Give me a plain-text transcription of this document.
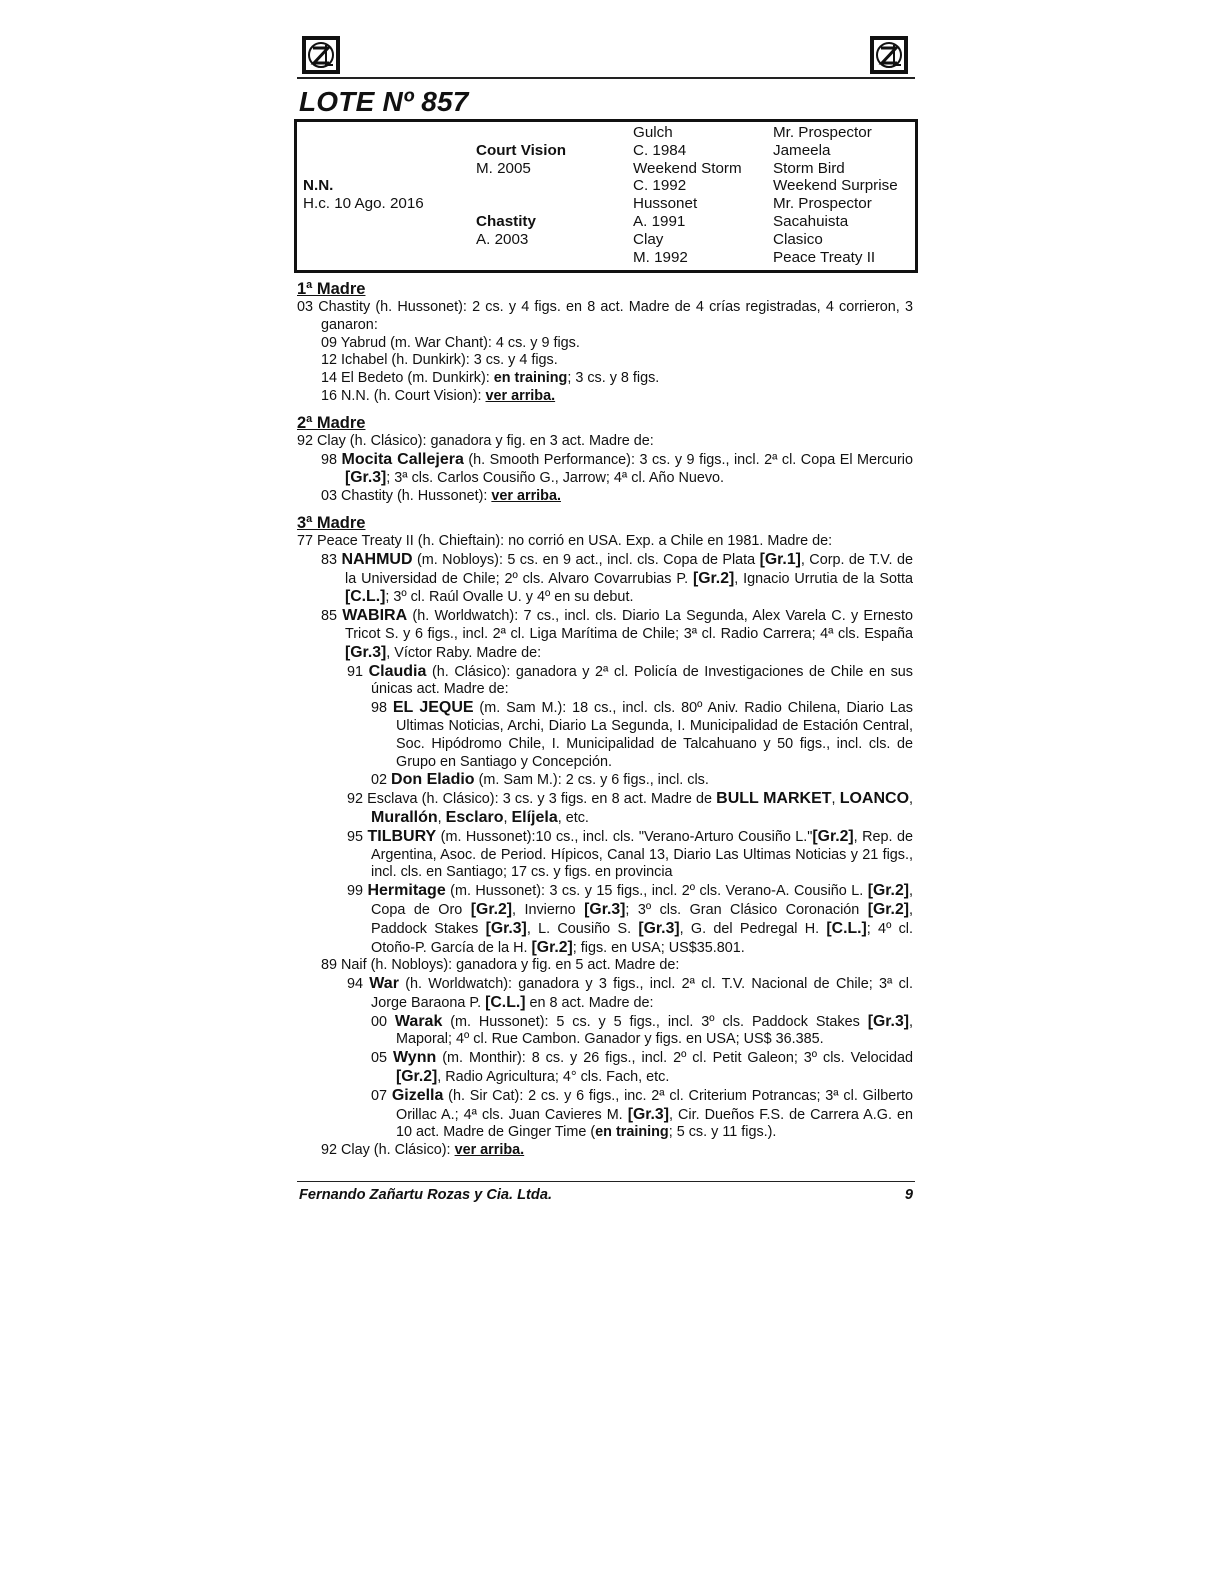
LOTE Nº 857
N.N.
H.c. 10 Ago. 2016
Court Vision
M. 2005
Chastity
A. 2003
Gulch
C. 1984
Weekend Storm
C. 1992
Hussonet
A. 1991
Clay
M. 1992
Mr. Prospector
Jameela
Storm Bird
Weekend Surprise
Mr. Prospector
Sacahuista
Clasico
Peace Treaty II
1ª Madre
03 Chastity (h. Hussonet): 2 cs. y 4 figs. en 8 act. Madre de 4 crías registradas, 4 corrieron, 3 ganaron:
09 Yabrud (m. War Chant): 4 cs. y 9 figs.
12 Ichabel (h. Dunkirk): 3 cs. y 4 figs.
14 El Bedeto (m. Dunkirk): en training; 3 cs. y 8 figs.
16 N.N. (h. Court Vision): ver arriba.
2ª Madre
92 Clay (h. Clásico): ganadora y fig. en 3 act. Madre de:
98 Mocita Callejera (h. Smooth Performance): 3 cs. y 9 figs., incl. 2ª cl. Copa El Mercurio [Gr.3]; 3ª cls. Carlos Cousiño G., Jarrow; 4ª cl. Año Nuevo.
03 Chastity (h. Hussonet): ver arriba.
3ª Madre
77 Peace Treaty II (h. Chieftain): no corrió en USA. Exp. a Chile en 1981. Madre de:
83 NAHMUD (m. Nobloys): 5 cs. en 9 act., incl. cls. Copa de Plata [Gr.1], Corp. de T.V. de la Universidad de Chile; 2º cls. Alvaro Covarrubias P. [Gr.2], Ignacio Urrutia de la Sotta [C.L.]; 3º cl. Raúl Ovalle U. y 4º en su debut.
85 WABIRA (h. Worldwatch): 7 cs., incl. cls. Diario La Segunda, Alex Varela C. y Ernesto Tricot S. y 6 figs., incl. 2ª cl. Liga Marítima de Chile; 3ª cl. Radio Carrera; 4ª cls. España [Gr.3], Víctor Raby. Madre de:
91 Claudia (h. Clásico): ganadora y 2ª cl. Policía de Investigaciones de Chile en sus únicas act. Madre de:
98 EL JEQUE (m. Sam M.): 18 cs., incl. cls. 80º Aniv. Radio Chilena, Diario Las Ultimas Noticias, Archi, Diario La Segunda, I. Municipalidad de Estación Central, Soc. Hipódromo Chile, I. Municipalidad de Talcahuano y 50 figs., incl. cls. de Grupo en Santiago y Concepción.
02 Don Eladio (m. Sam M.): 2 cs. y 6 figs., incl. cls.
92 Esclava (h. Clásico): 3 cs. y 3 figs. en 8 act. Madre de BULL MARKET, LOANCO, Murallón, Esclaro, Elíjela, etc.
95 TILBURY (m. Hussonet):10 cs., incl. cls. "Verano-Arturo Cousiño L."[Gr.2], Rep. de Argentina, Asoc. de Period. Hípicos, Canal 13, Diario Las Ultimas Noticias y 21 figs., incl. cls. en Santiago; 17 cs. y figs. en provincia
99 Hermitage (m. Hussonet): 3 cs. y 15 figs., incl. 2º cls. Verano-A. Cousiño L. [Gr.2], Copa de Oro [Gr.2], Invierno [Gr.3]; 3º cls. Gran Clásico Coronación [Gr.2], Paddock Stakes [Gr.3], L. Cousiño S. [Gr.3], G. del Pedregal H. [C.L.]; 4º cl. Otoño-P. García de la H. [Gr.2]; figs. en USA; US$35.801.
89 Naif (h. Nobloys): ganadora y fig. en 5 act. Madre de:
94 War (h. Worldwatch): ganadora y 3 figs., incl. 2ª cl. T.V. Nacional de Chile; 3ª cl. Jorge Baraona P. [C.L.] en 8 act. Madre de:
00 Warak (m. Hussonet): 5 cs. y 5 figs., incl. 3º cls. Paddock Stakes [Gr.3], Maporal; 4º cl. Rue Cambon. Ganador y figs. en USA; US$ 36.385.
05 Wynn (m. Monthir): 8 cs. y 26 figs., incl. 2º cl. Petit Galeon; 3º cls. Velocidad [Gr.2], Radio Agricultura; 4° cls. Fach, etc.
07 Gizella (h. Sir Cat): 2 cs. y 6 figs., inc. 2ª cl. Criterium Potrancas; 3ª cl. Gilberto Orillac A.; 4ª cls. Juan Cavieres M. [Gr.3], Cir. Dueños F.S. de Carrera A.G. en 10 act. Madre de Ginger Time (en training; 5 cs. y 11 figs.).
92 Clay (h. Clásico): ver arriba.
Fernando Zañartu Rozas y Cia. Ltda.	9
